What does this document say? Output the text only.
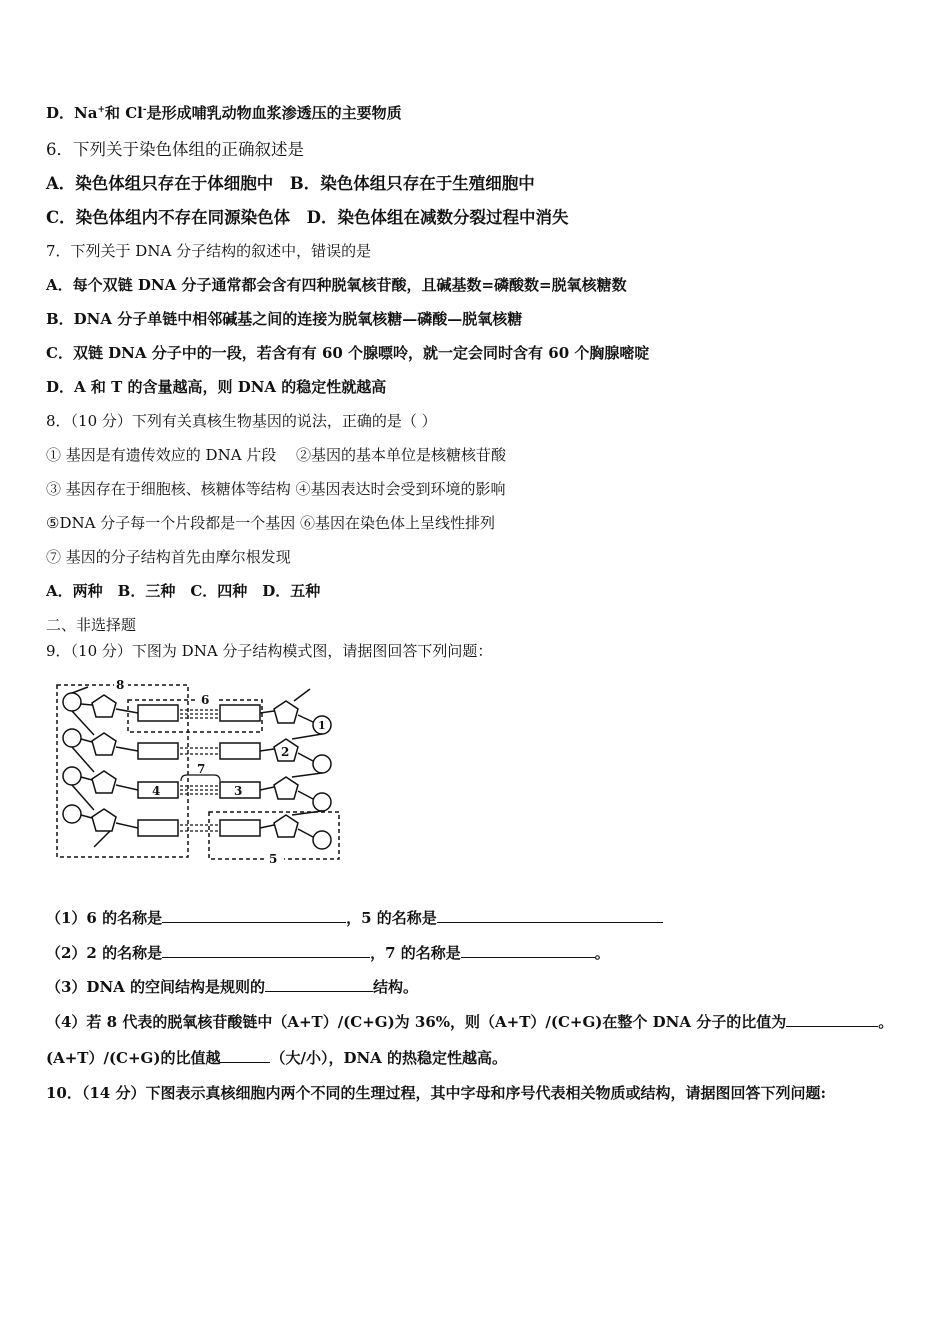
D．Na+和 Cl-是形成哺乳动物血浆渗透压的主要物质
6．下列关于染色体组的正确叙述是
A．染色体组只存在于体细胞中　B．染色体组只存在于生殖细胞中
C．染色体组内不存在同源染色体　D．染色体组在减数分裂过程中消失
7．下列关于 DNA 分子结构的叙述中，错误的是
A．每个双链 DNA 分子通常都会含有四种脱氧核苷酸，且碱基数=磷酸数=脱氧核糖数
B．DNA 分子单链中相邻碱基之间的连接为脱氧核糖—磷酸—脱氧核糖
C．双链 DNA 分子中的一段，若含有有 60 个腺嘌呤，就一定会同时含有 60 个胸腺嘧啶
D．A 和 T 的含量越高，则 DNA 的稳定性就越高
8．（10 分）下列有关真核生物基因的说法，正确的是（ ）
① 基因是有遗传效应的 DNA 片段　 ②基因的基本单位是核糖核苷酸
③ 基因存在于细胞核、核糖体等结构 ④基因表达时会受到环境的影响
⑤DNA 分子每一个片段都是一个基因 ⑥基因在染色体上呈线性排列
⑦ 基因的分子结构首先由摩尔根发现
A．两种　B．三种　C．四种　D．五种
二、非选择题
9．（10 分）下图为 DNA 分子结构模式图，请据图回答下列问题：
8
6
5
7
4	3
2
1
（1）6 的名称是	，5 的名称是
（2）2 的名称是	，7 的名称是	。
（3）DNA 的空间结构是规则的	结构。
（4）若 8 代表的脱氧核苷酸链中（A+T）/(C+G)为 36%，则（A+T）/(C+G)在整个 DNA 分子的比值为	。
(A+T）/(C+G)的比值越	（大/小），DNA 的热稳定性越高。
10．（14 分）下图表示真核细胞内两个不同的生理过程，其中字母和序号代表相关物质或结构，请据图回答下列问题:
